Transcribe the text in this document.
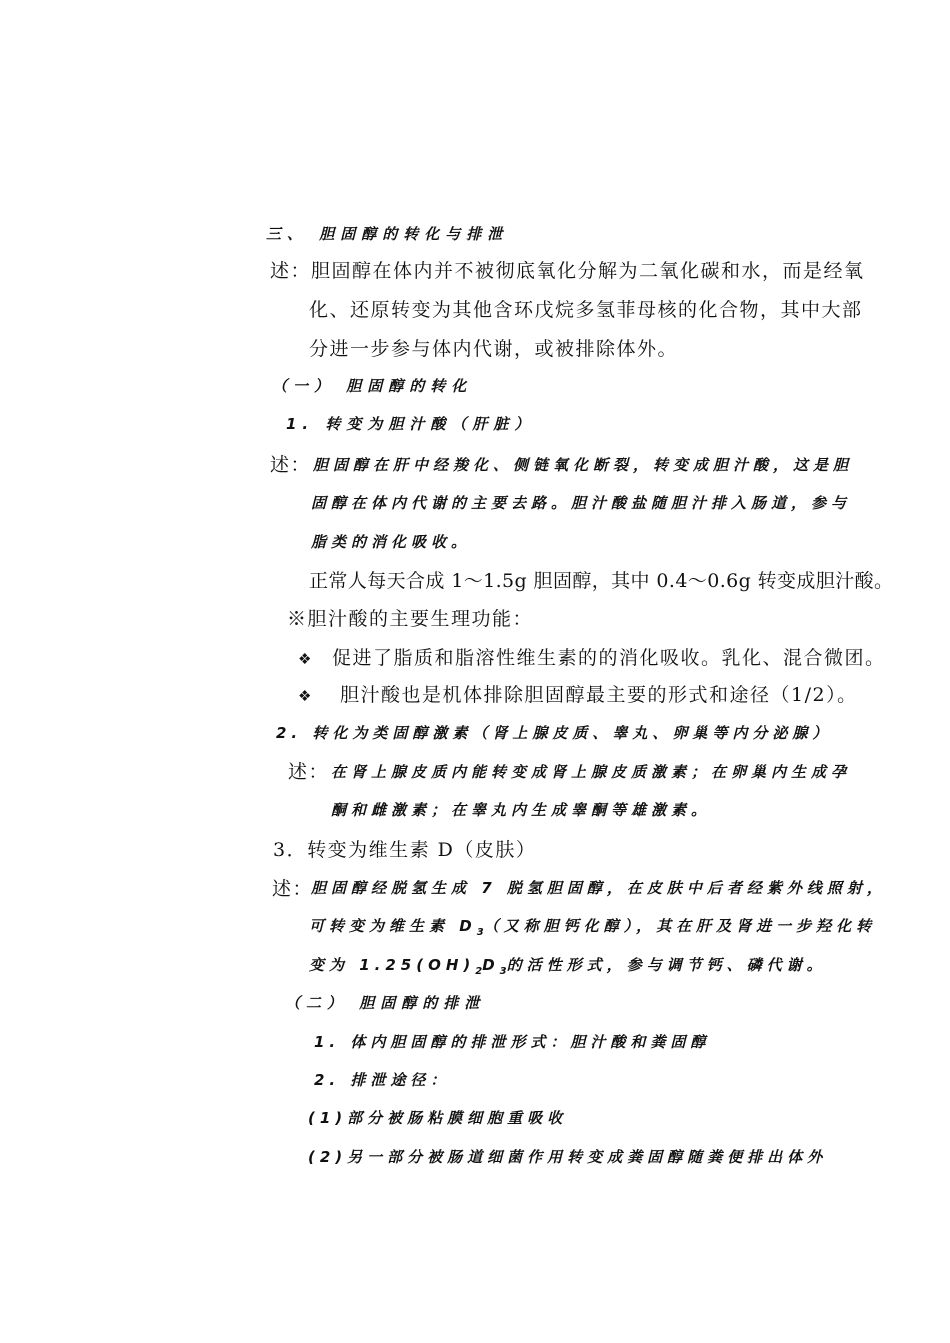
三、 胆固醇的转化与排泄
述： 胆固醇在体内并不被彻底氧化分解为二氧化碳和水，而是经氧
化、还原转变为其他含环戊烷多氢菲母核的化合物，其中大部
分进一步参与体内代谢，或被排除体外。
（一） 胆固醇的转化
1. 转变为胆汁酸（肝脏）
述： 胆固醇在肝中经羧化、侧链氧化断裂，转变成胆汁酸，这是胆
固醇在体内代谢的主要去路。胆汁酸盐随胆汁排入肠道，参与
脂类的消化吸收。
正常人每天合成 1～1.5g 胆固醇，其中 0.4～0.6g 转变成胆汁酸。
※胆汁酸的主要生理功能：
❖ 促进了脂质和脂溶性维生素的的消化吸收。乳化、混合微团。
❖ 胆汁酸也是机体排除胆固醇最主要的形式和途径（1/2）。
2. 转化为类固醇激素（肾上腺皮质、睾丸、卵巢等内分泌腺）
述： 在肾上腺皮质内能转变成肾上腺皮质激素；在卵巢内生成孕
酮和雌激素；在睾丸内生成睾酮等雄激素。
3．转变为维生素 D（皮肤）
述：
胆固醇经脱氢生成 7 脱氢胆固醇，在皮肤中后者经紫外线照射，
可转变为维生素 $D_3$（又称胆钙化醇），其在肝及肾进一步羟化转
变为 $1.25(OH)_2D_3$的活性形式，参与调节钙、磷代谢。
（二） 胆固醇的排泄
1. 体内胆固醇的排泄形式：胆汁酸和粪固醇
2. 排泄途径：
(1)部分被肠粘膜细胞重吸收
(2)另一部分被肠道细菌作用转变成粪固醇随粪便排出体外
